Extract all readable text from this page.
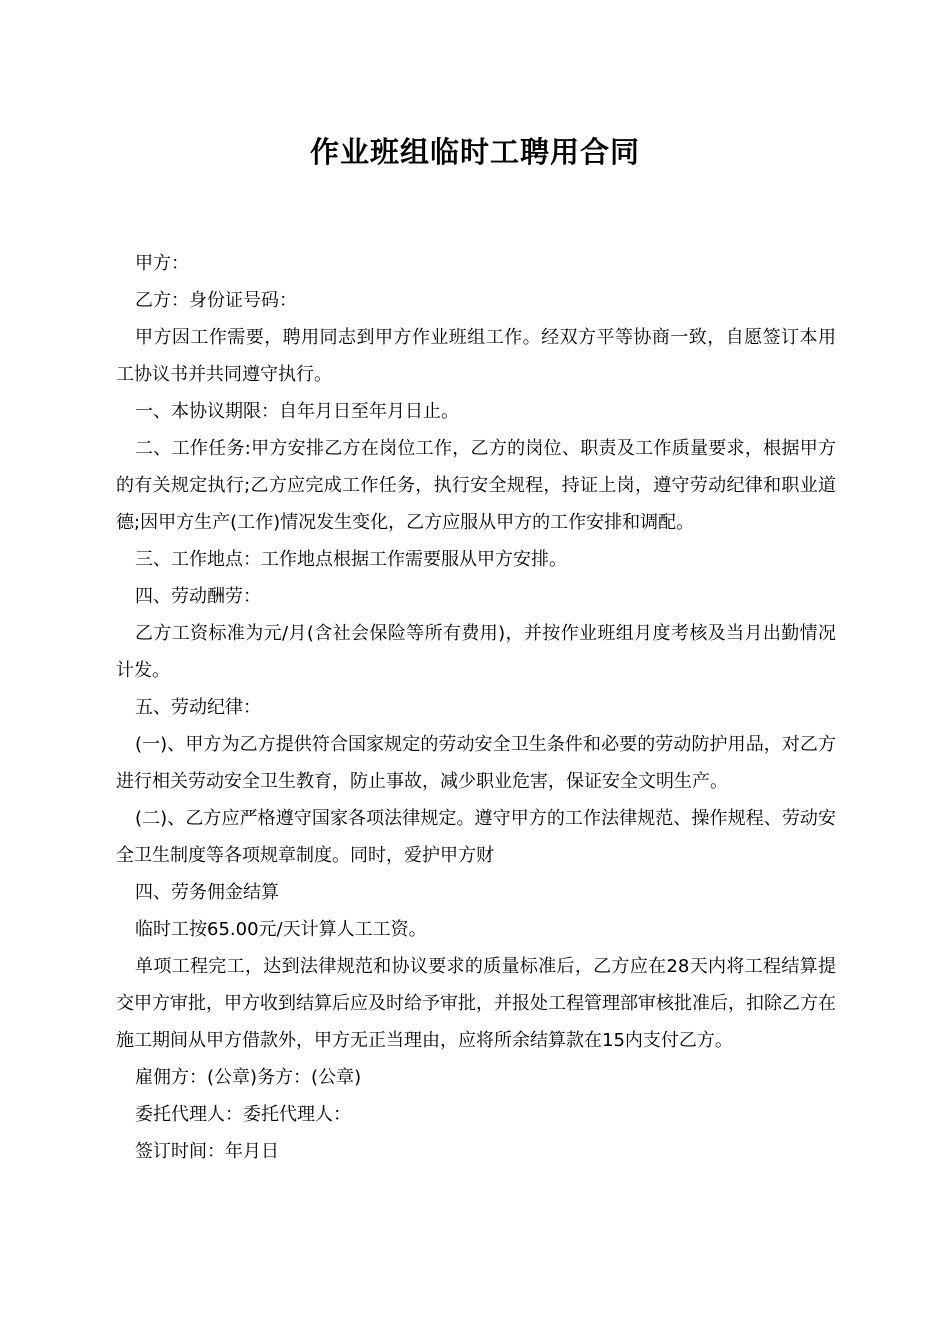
作业班组临时工聘用合同

甲方：

乙方：身份证号码：

甲方因工作需要，聘用同志到甲方作业班组工作。经双方平等协商一致，自愿签订本用工协议书并共同遵守执行。

一、本协议期限：自年月日至年月日止。

二、工作任务:甲方安排乙方在岗位工作，乙方的岗位、职责及工作质量要求，根据甲方的有关规定执行;乙方应完成工作任务，执行安全规程，持证上岗，遵守劳动纪律和职业道德;因甲方生产(工作)情况发生变化，乙方应服从甲方的工作安排和调配。

三、工作地点：工作地点根据工作需要服从甲方安排。

四、劳动酬劳：

乙方工资标准为元/月(含社会保险等所有费用)，并按作业班组月度考核及当月出勤情况计发。

五、劳动纪律：

(一)、甲方为乙方提供符合国家规定的劳动安全卫生条件和必要的劳动防护用品，对乙方进行相关劳动安全卫生教育，防止事故，减少职业危害，保证安全文明生产。

(二)、乙方应严格遵守国家各项法律规定。遵守甲方的工作法律规范、操作规程、劳动安全卫生制度等各项规章制度。同时，爱护甲方财

四、劳务佣金结算

临时工按65.00元/天计算人工工资。

单项工程完工，达到法律规范和协议要求的质量标准后，乙方应在28天内将工程结算提交甲方审批，甲方收到结算后应及时给予审批，并报处工程管理部审核批准后，扣除乙方在施工期间从甲方借款外，甲方无正当理由，应将所余结算款在15内支付乙方。

雇佣方：(公章)务方：(公章)

委托代理人：委托代理人：

签订时间：年月日
